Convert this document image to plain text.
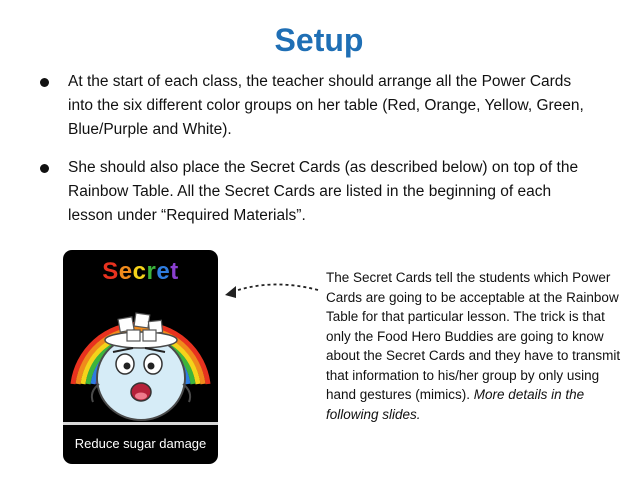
Setup
At the start of each class, the teacher should arrange all the Power Cards into the six different color groups on her table (Red, Orange, Yellow, Green, Blue/Purple and White).
She should also place the Secret Cards (as described below) on top of the Rainbow Table. All the Secret Cards are listed in the beginning of each lesson under “Required Materials”.
Secret
Reduce sugar damage
The Secret Cards tell the students which Power Cards are going to be acceptable at the Rainbow Table for that particular lesson. The trick is that only the Food Hero Buddies are going to know about the Secret Cards and they have to transmit that information to his/her group by only using hand gestures (mimics). More details in the following slides.
